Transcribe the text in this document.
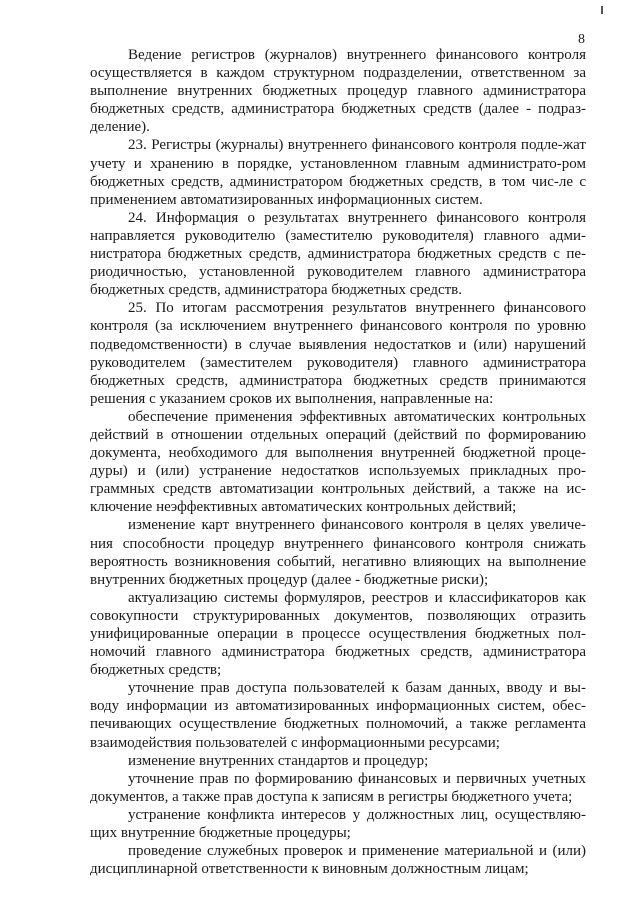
8

Ведение регистров (журналов) внутреннего финансового контроля осуществляется в каждом структурном подразделении, ответственном за выполнение внутренних бюджетных процедур главного администратора бюджетных средств, администратора бюджетных средств (далее - подраз-деление).

23. Регистры (журналы) внутреннего финансового контроля подле-жат учету и хранению в порядке, установленном главным администрато-ром бюджетных средств, администратором бюджетных средств, в том чис-ле с применением автоматизированных информационных систем.

24. Информация о результатах внутреннего финансового контроля направляется руководителю (заместителю руководителя) главного адми-нистратора бюджетных средств, администратора бюджетных средств с пе-риодичностью, установленной руководителем главного администратора бюджетных средств, администратора бюджетных средств.

25. По итогам рассмотрения результатов внутреннего финансового контроля (за исключением внутреннего финансового контроля по уровню подведомственности) в случае выявления недостатков и (или) нарушений руководителем (заместителем руководителя) главного администратора бюджетных средств, администратора бюджетных средств принимаются решения с указанием сроков их выполнения, направленные на:

обеспечение применения эффективных автоматических контрольных действий в отношении отдельных операций (действий по формированию документа, необходимого для выполнения внутренней бюджетной проце-дуры) и (или) устранение недостатков используемых прикладных про-граммных средств автоматизации контрольных действий, а также на ис-ключение неэффективных автоматических контрольных действий;

изменение карт внутреннего финансового контроля в целях увеличе-ния способности процедур внутреннего финансового контроля снижать вероятность возникновения событий, негативно влияющих на выполнение внутренних бюджетных процедур (далее - бюджетные риски);

актуализацию системы формуляров, реестров и классификаторов как совокупности структурированных документов, позволяющих отразить унифицированные операции в процессе осуществления бюджетных пол-номочий главного администратора бюджетных средств, администратора бюджетных средств;

уточнение прав доступа пользователей к базам данных, вводу и вы-воду информации из автоматизированных информационных систем, обес-печивающих осуществление бюджетных полномочий, а также регламента взаимодействия пользователей с информационными ресурсами;

изменение внутренних стандартов и процедур;

уточнение прав по формированию финансовых и первичных учетных документов, а также прав доступа к записям в регистры бюджетного учета;

устранение конфликта интересов у должностных лиц, осуществляю-щих внутренние бюджетные процедуры;

проведение служебных проверок и применение материальной и (или) дисциплинарной ответственности к виновным должностным лицам;
